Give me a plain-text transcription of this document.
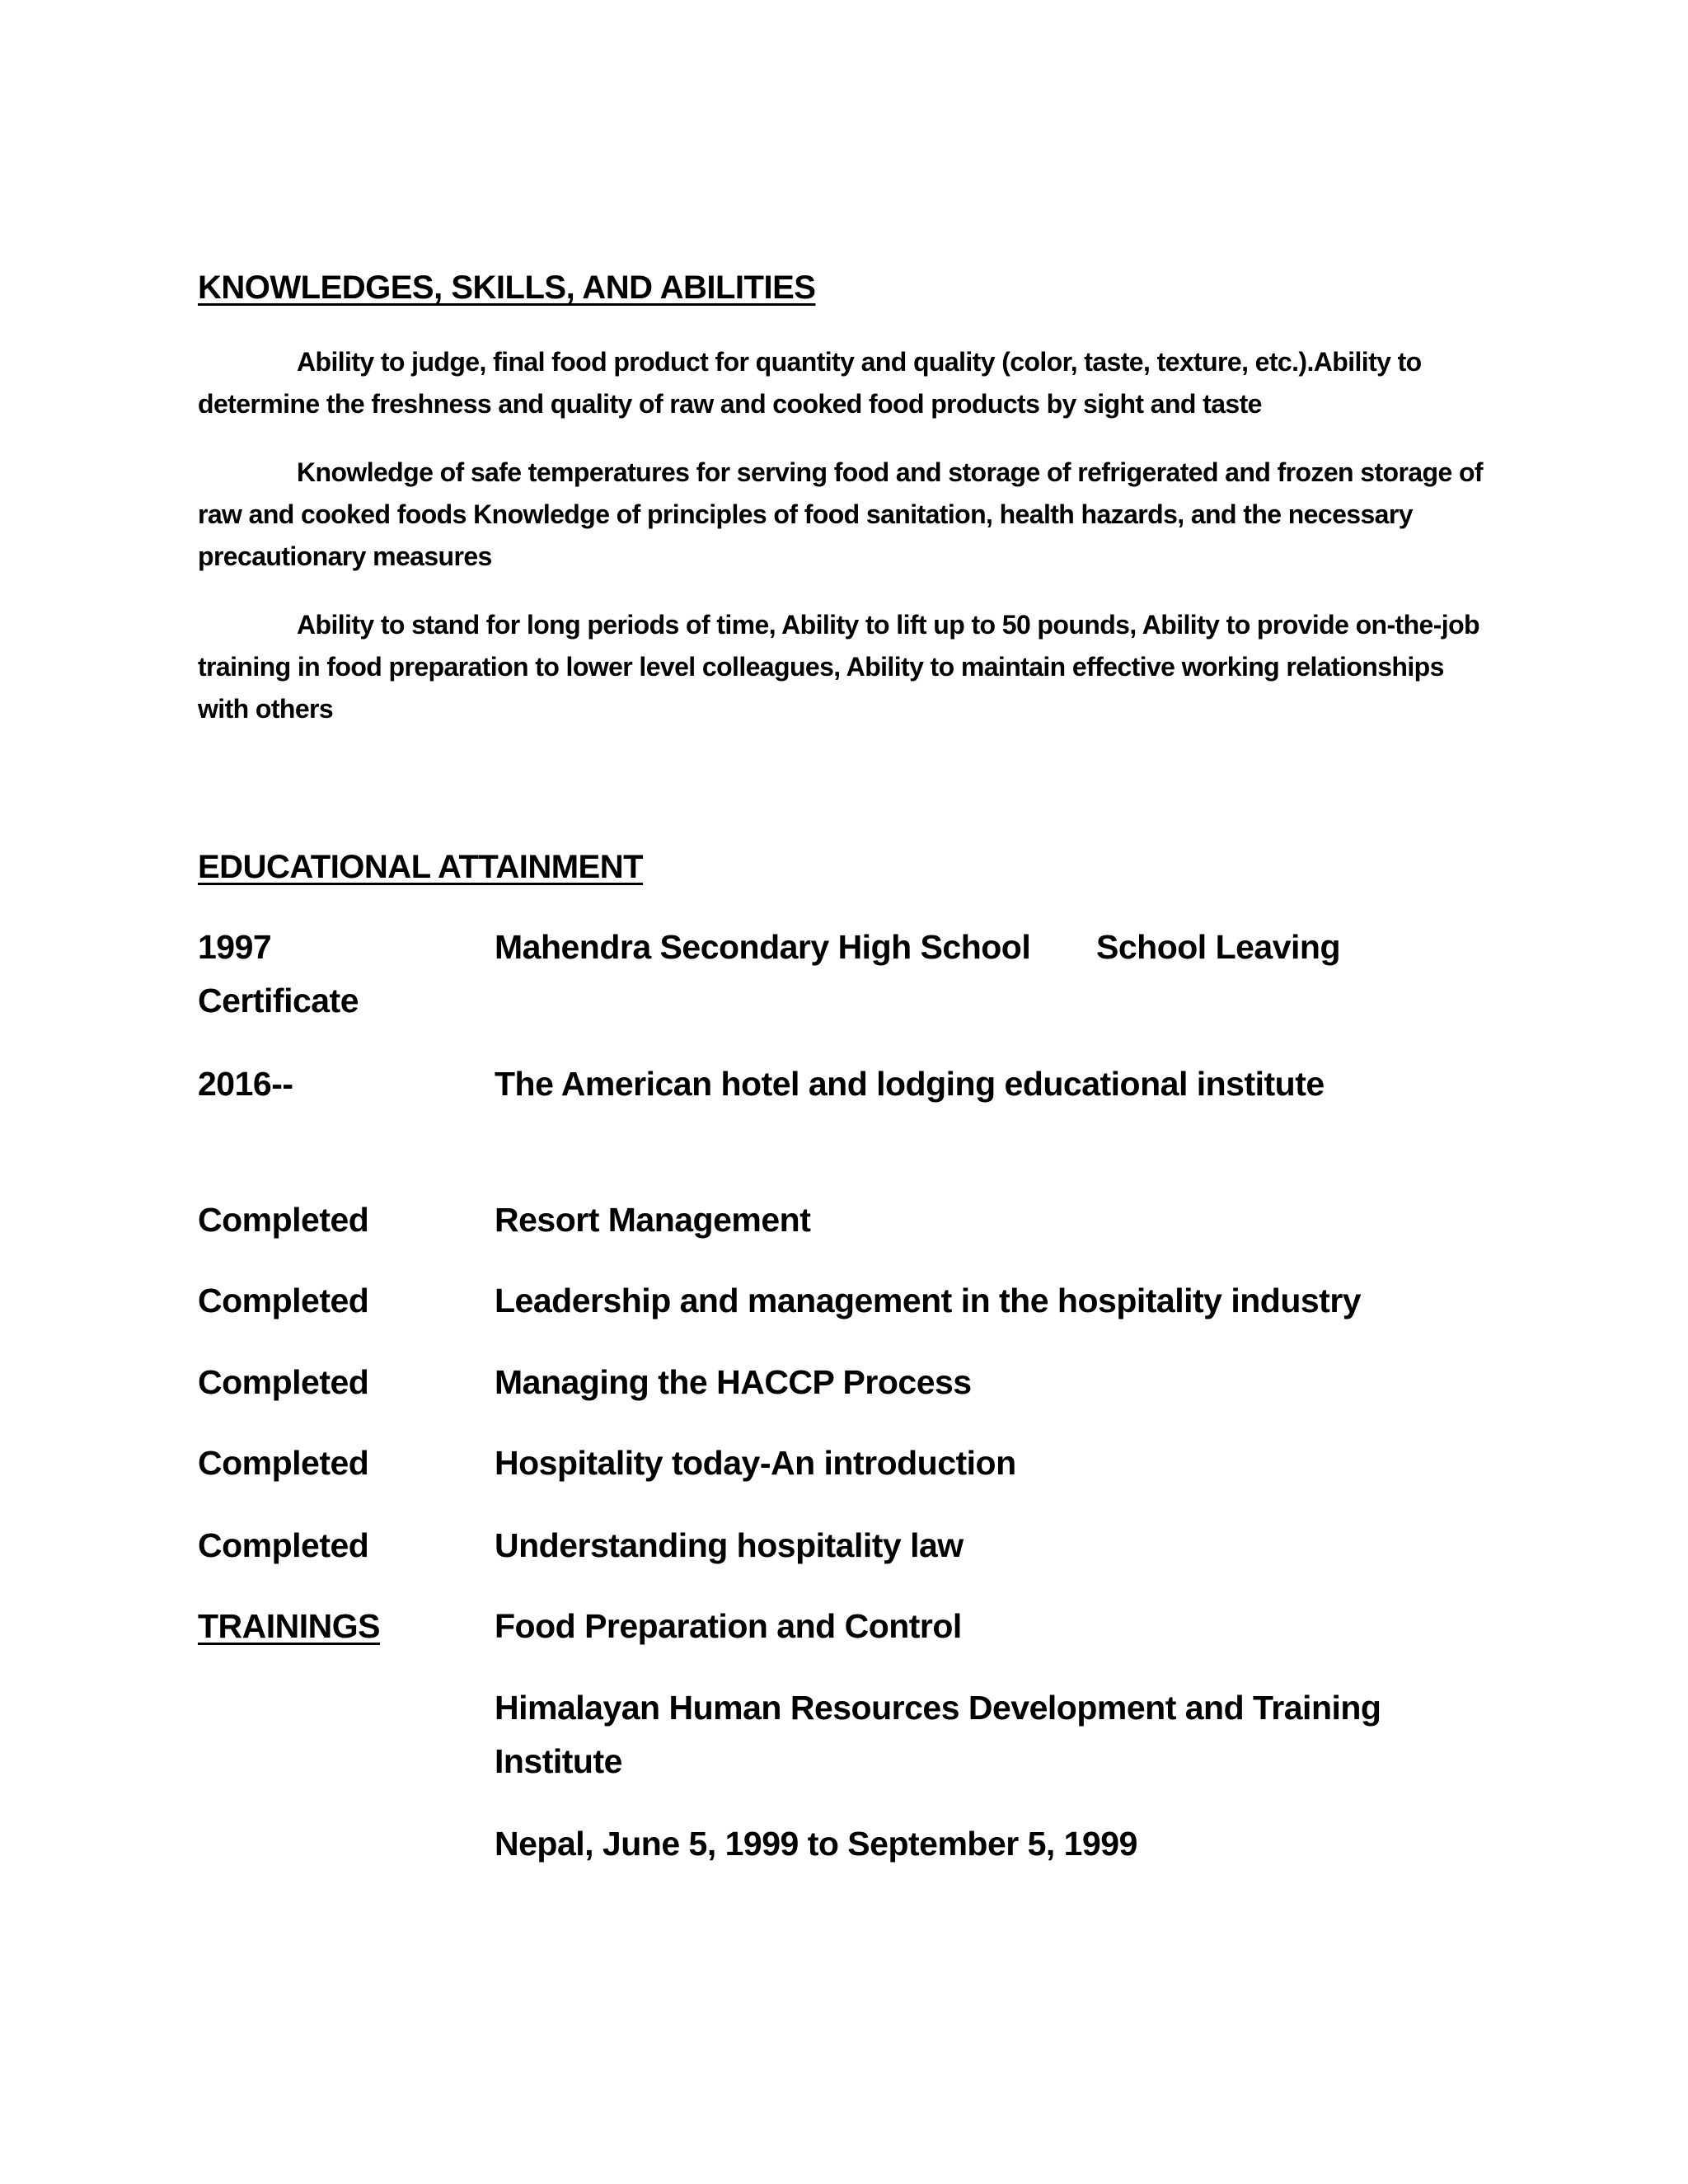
KNOWLEDGES, SKILLS, AND ABILITIES

Ability to judge, final food product for quantity and quality (color, taste, texture, etc.).Ability to determine the freshness and quality of raw and cooked food products by sight and taste

Knowledge of safe temperatures for serving food and storage of refrigerated and frozen storage of raw and cooked foods Knowledge of principles of food sanitation, health hazards, and the necessary precautionary measures

Ability to stand for long periods of time, Ability to lift up to 50 pounds, Ability to provide on-the-job training in food preparation to lower level colleagues, Ability to maintain effective working relationships with others

EDUCATIONAL ATTAINMENT
1997	Mahendra Secondary High School School Leaving
Certificate
2016--	The American hotel and lodging educational institute
Completed	Resort Management
Completed	Leadership and management in the hospitality industry
Completed	Managing the HACCP Process
Completed	Hospitality today-An introduction
Completed	Understanding hospitality law
TRAININGS	Food Preparation and Control
Himalayan Human Resources Development and Training
Institute
Nepal, June 5, 1999 to September 5, 1999
